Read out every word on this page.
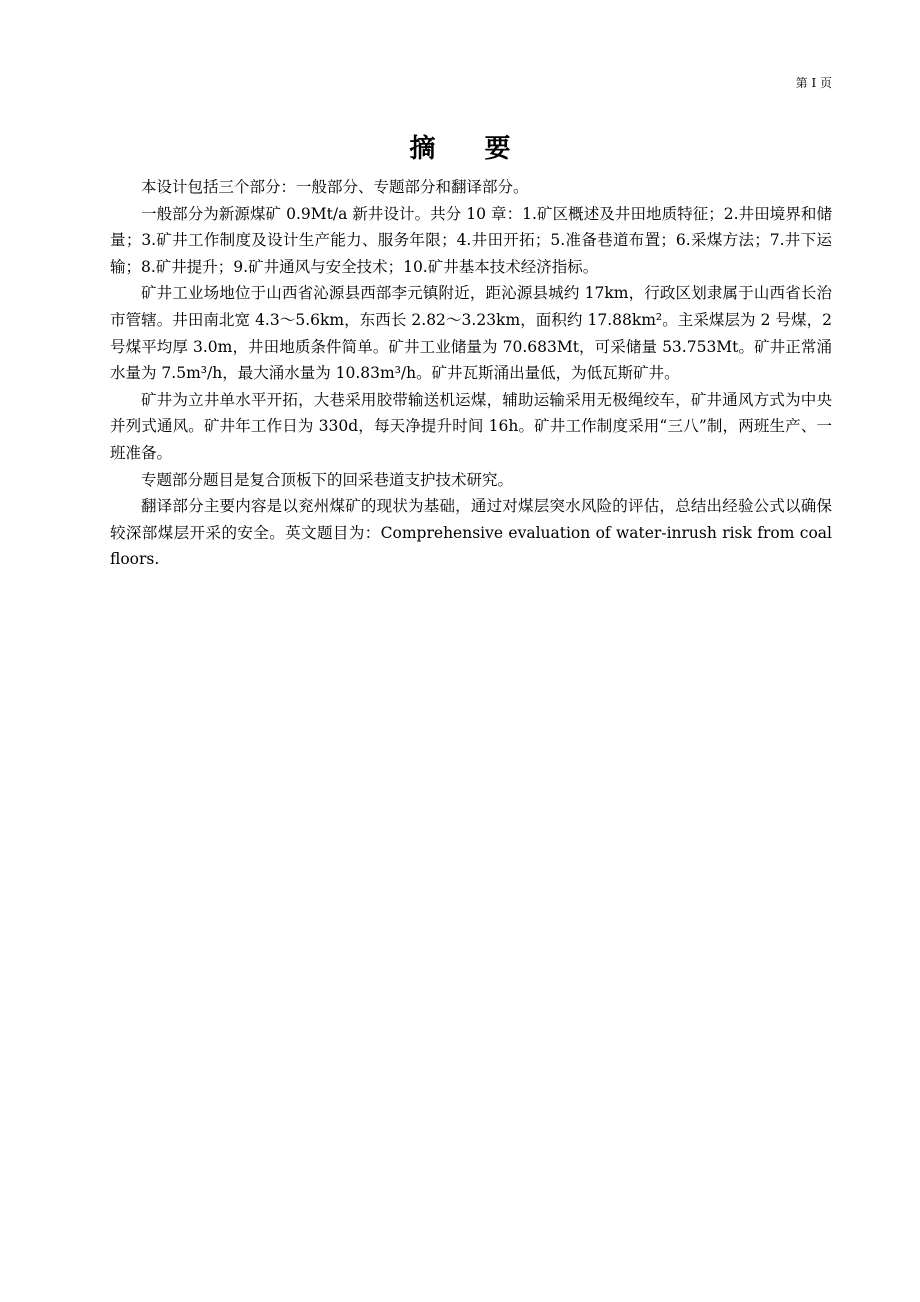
第 I 页
摘 要

本设计包括三个部分：一般部分、专题部分和翻译部分。

一般部分为新源煤矿 0.9Mt/a 新井设计。共分 10 章：1.矿区概述及井田地质特征；2.井田境界和储量；3.矿井工作制度及设计生产能力、服务年限；4.井田开拓；5.准备巷道布置；6.采煤方法；7.井下运输；8.矿井提升；9.矿井通风与安全技术；10.矿井基本技术经济指标。

矿井工业场地位于山西省沁源县西部李元镇附近，距沁源县城约 17km，行政区划隶属于山西省长治市管辖。井田南北宽 4.3～5.6km，东西长 2.82～3.23km，面积约 17.88km²。主采煤层为 2 号煤，2 号煤平均厚 3.0m，井田地质条件简单。矿井工业储量为 70.683Mt，可采储量 53.753Mt。矿井正常涌水量为 7.5m³/h，最大涌水量为 10.83m³/h。矿井瓦斯涌出量低，为低瓦斯矿井。

矿井为立井单水平开拓，大巷采用胶带输送机运煤，辅助运输采用无极绳绞车，矿井通风方式为中央并列式通风。矿井年工作日为 330d，每天净提升时间 16h。矿井工作制度采用“三八”制，两班生产、一班准备。

专题部分题目是复合顶板下的回采巷道支护技术研究。

翻译部分主要内容是以兖州煤矿的现状为基础，通过对煤层突水风险的评估，总结出经验公式以确保较深部煤层开采的安全。英文题目为：Comprehensive evaluation of water-inrush risk from coal floors.
